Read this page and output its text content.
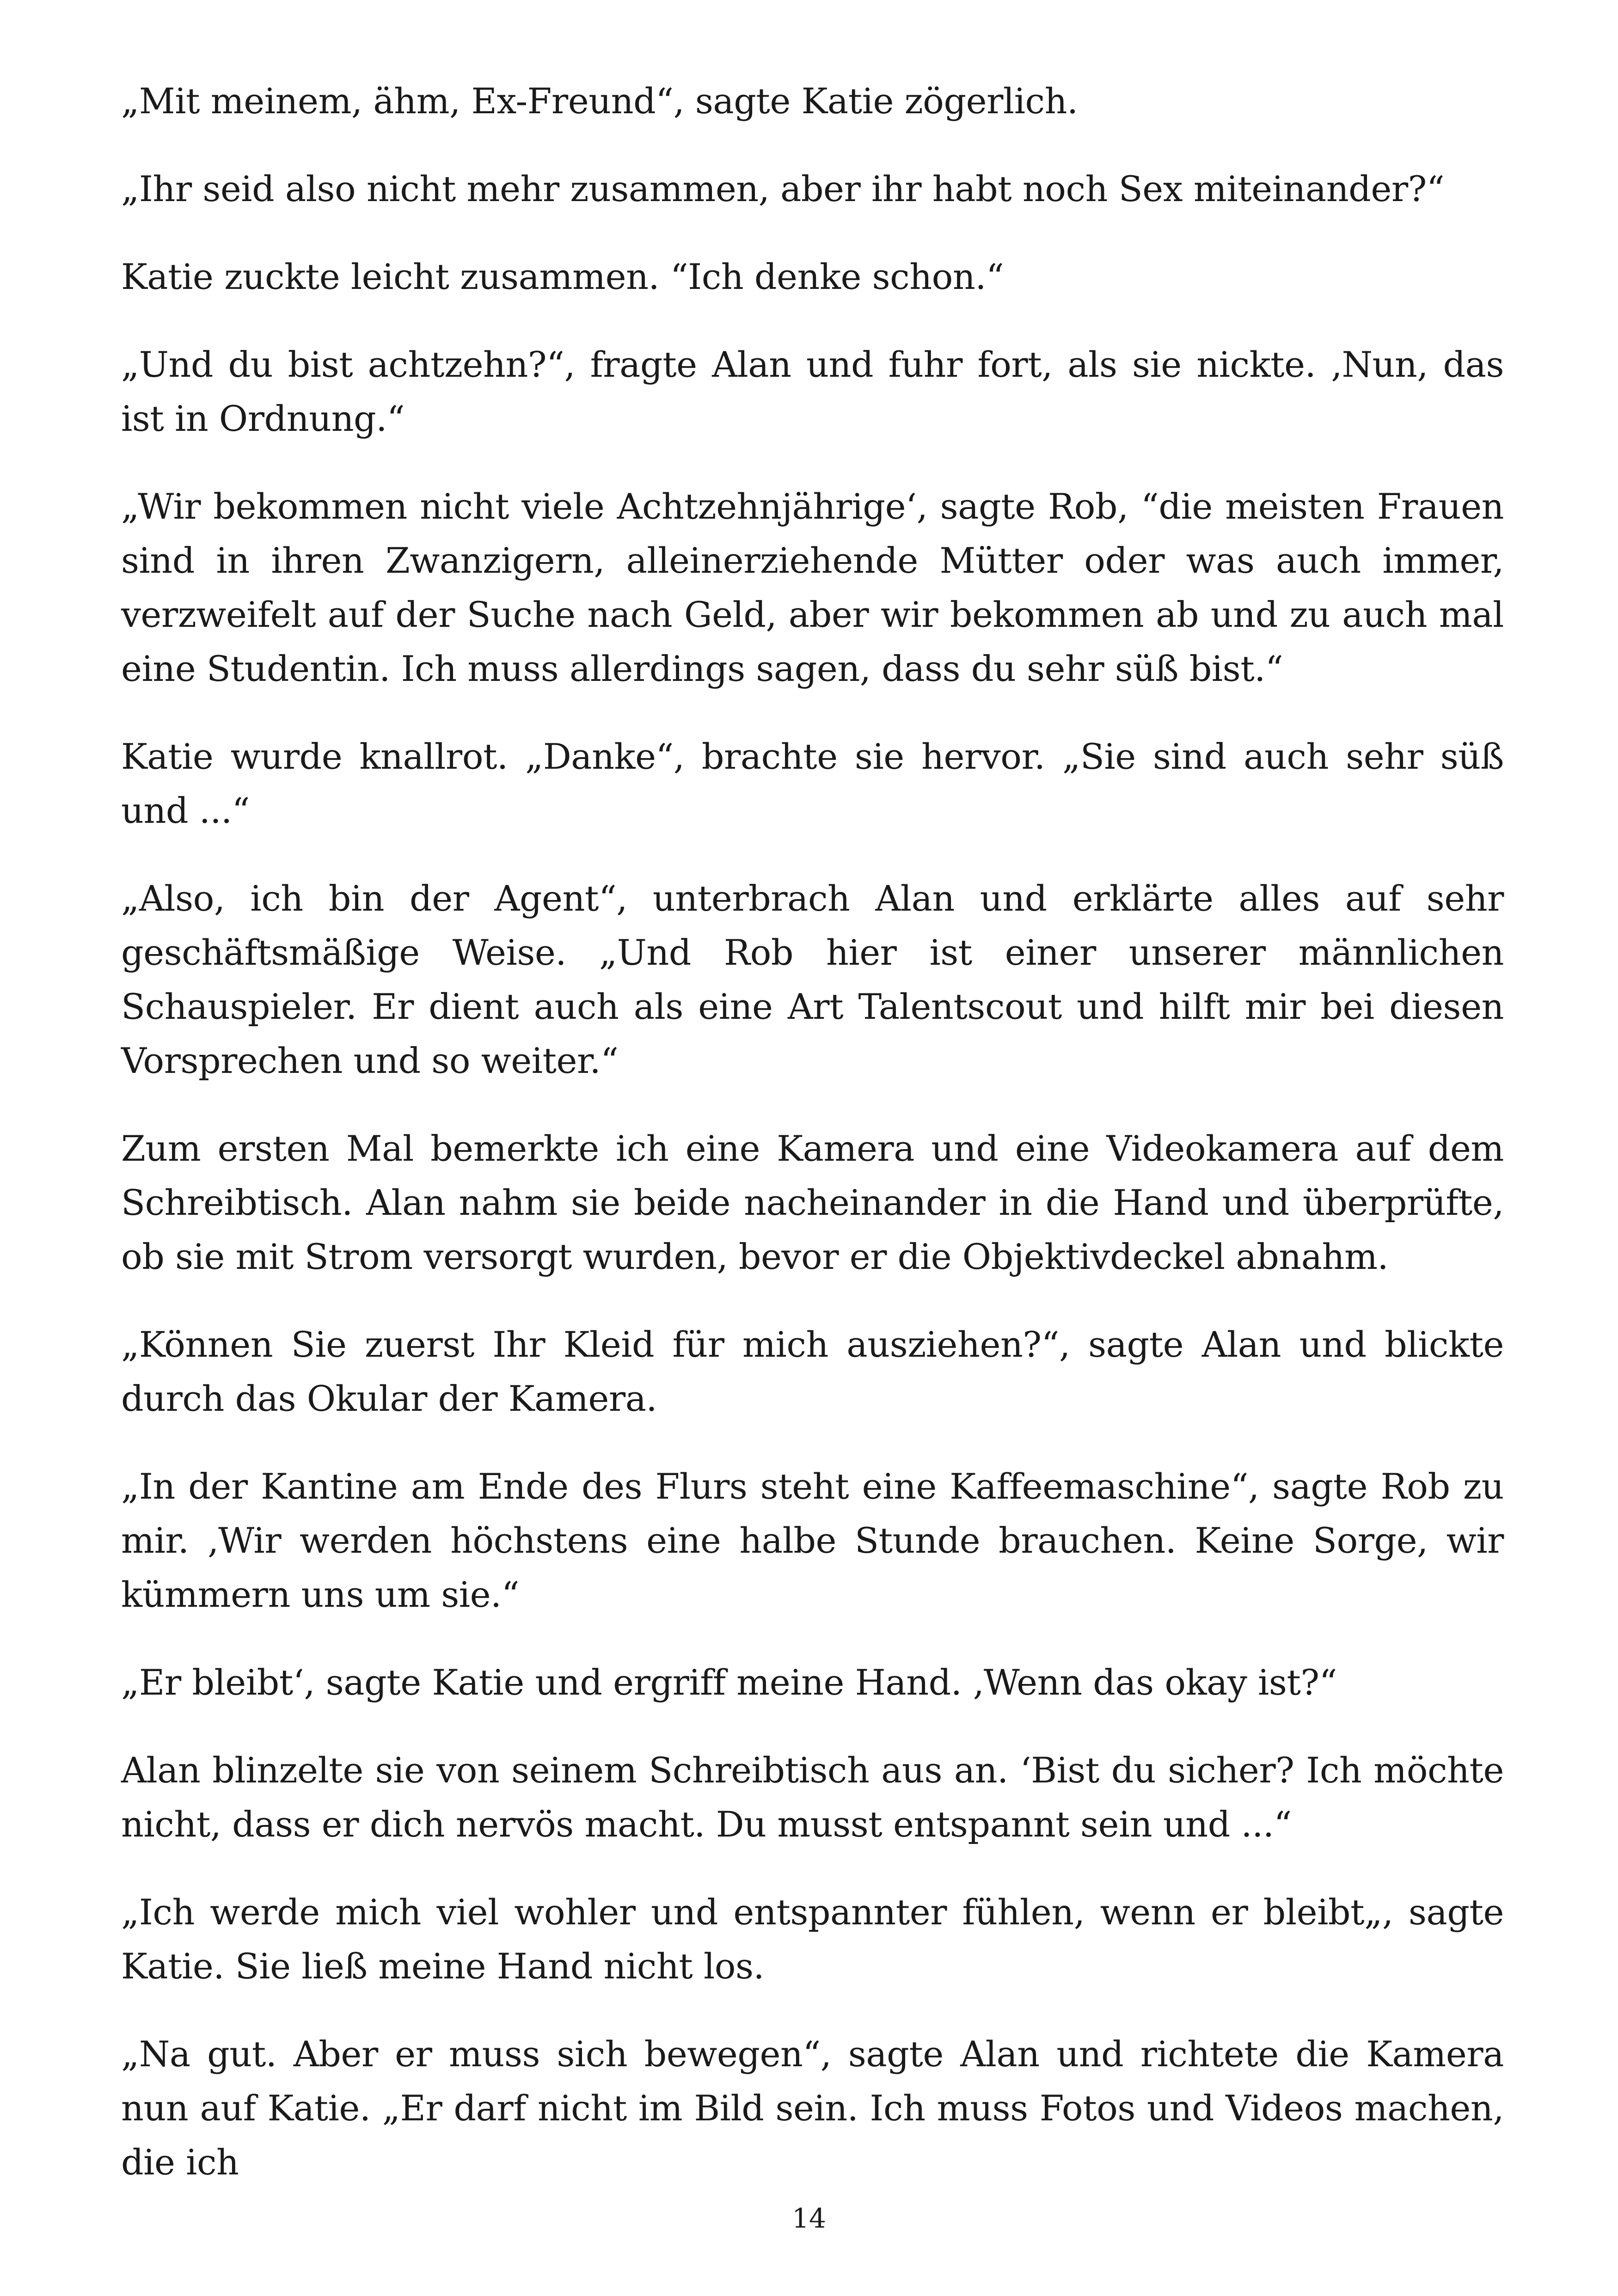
„Mit meinem, ähm, Ex-Freund“, sagte Katie zögerlich.

„Ihr seid also nicht mehr zusammen, aber ihr habt noch Sex miteinander?“

Katie zuckte leicht zusammen. “Ich denke schon.“

„Und du bist achtzehn?“, fragte Alan und fuhr fort, als sie nickte. ‚Nun, das ist in Ordnung.“

„Wir bekommen nicht viele Achtzehnjährige‘, sagte Rob, “die meisten Frauen sind in ihren Zwanzigern, alleinerziehende Mütter oder was auch immer, verzweifelt auf der Suche nach Geld, aber wir bekommen ab und zu auch mal eine Studentin. Ich muss allerdings sagen, dass du sehr süß bist.“

Katie wurde knallrot. „Danke“, brachte sie hervor. „Sie sind auch sehr süß und ...“

„Also, ich bin der Agent“, unterbrach Alan und erklärte alles auf sehr geschäftsmäßige Weise. „Und Rob hier ist einer unserer männlichen Schauspieler. Er dient auch als eine Art Talentscout und hilft mir bei diesen Vorsprechen und so weiter.“

Zum ersten Mal bemerkte ich eine Kamera und eine Videokamera auf dem Schreibtisch. Alan nahm sie beide nacheinander in die Hand und überprüfte, ob sie mit Strom versorgt wurden, bevor er die Objektivdeckel abnahm.

„Können Sie zuerst Ihr Kleid für mich ausziehen?“, sagte Alan und blickte durch das Okular der Kamera.

„In der Kantine am Ende des Flurs steht eine Kaffeemaschine“, sagte Rob zu mir. ‚Wir werden höchstens eine halbe Stunde brauchen. Keine Sorge, wir kümmern uns um sie.“

„Er bleibt‘, sagte Katie und ergriff meine Hand. ‚Wenn das okay ist?“

Alan blinzelte sie von seinem Schreibtisch aus an. ‘Bist du sicher? Ich möchte nicht, dass er dich nervös macht. Du musst entspannt sein und ...“

„Ich werde mich viel wohler und entspannter fühlen, wenn er bleibt„, sagte Katie. Sie ließ meine Hand nicht los.

„Na gut. Aber er muss sich bewegen“, sagte Alan und richtete die Kamera nun auf Katie. „Er darf nicht im Bild sein. Ich muss Fotos und Videos machen, die ich

14
